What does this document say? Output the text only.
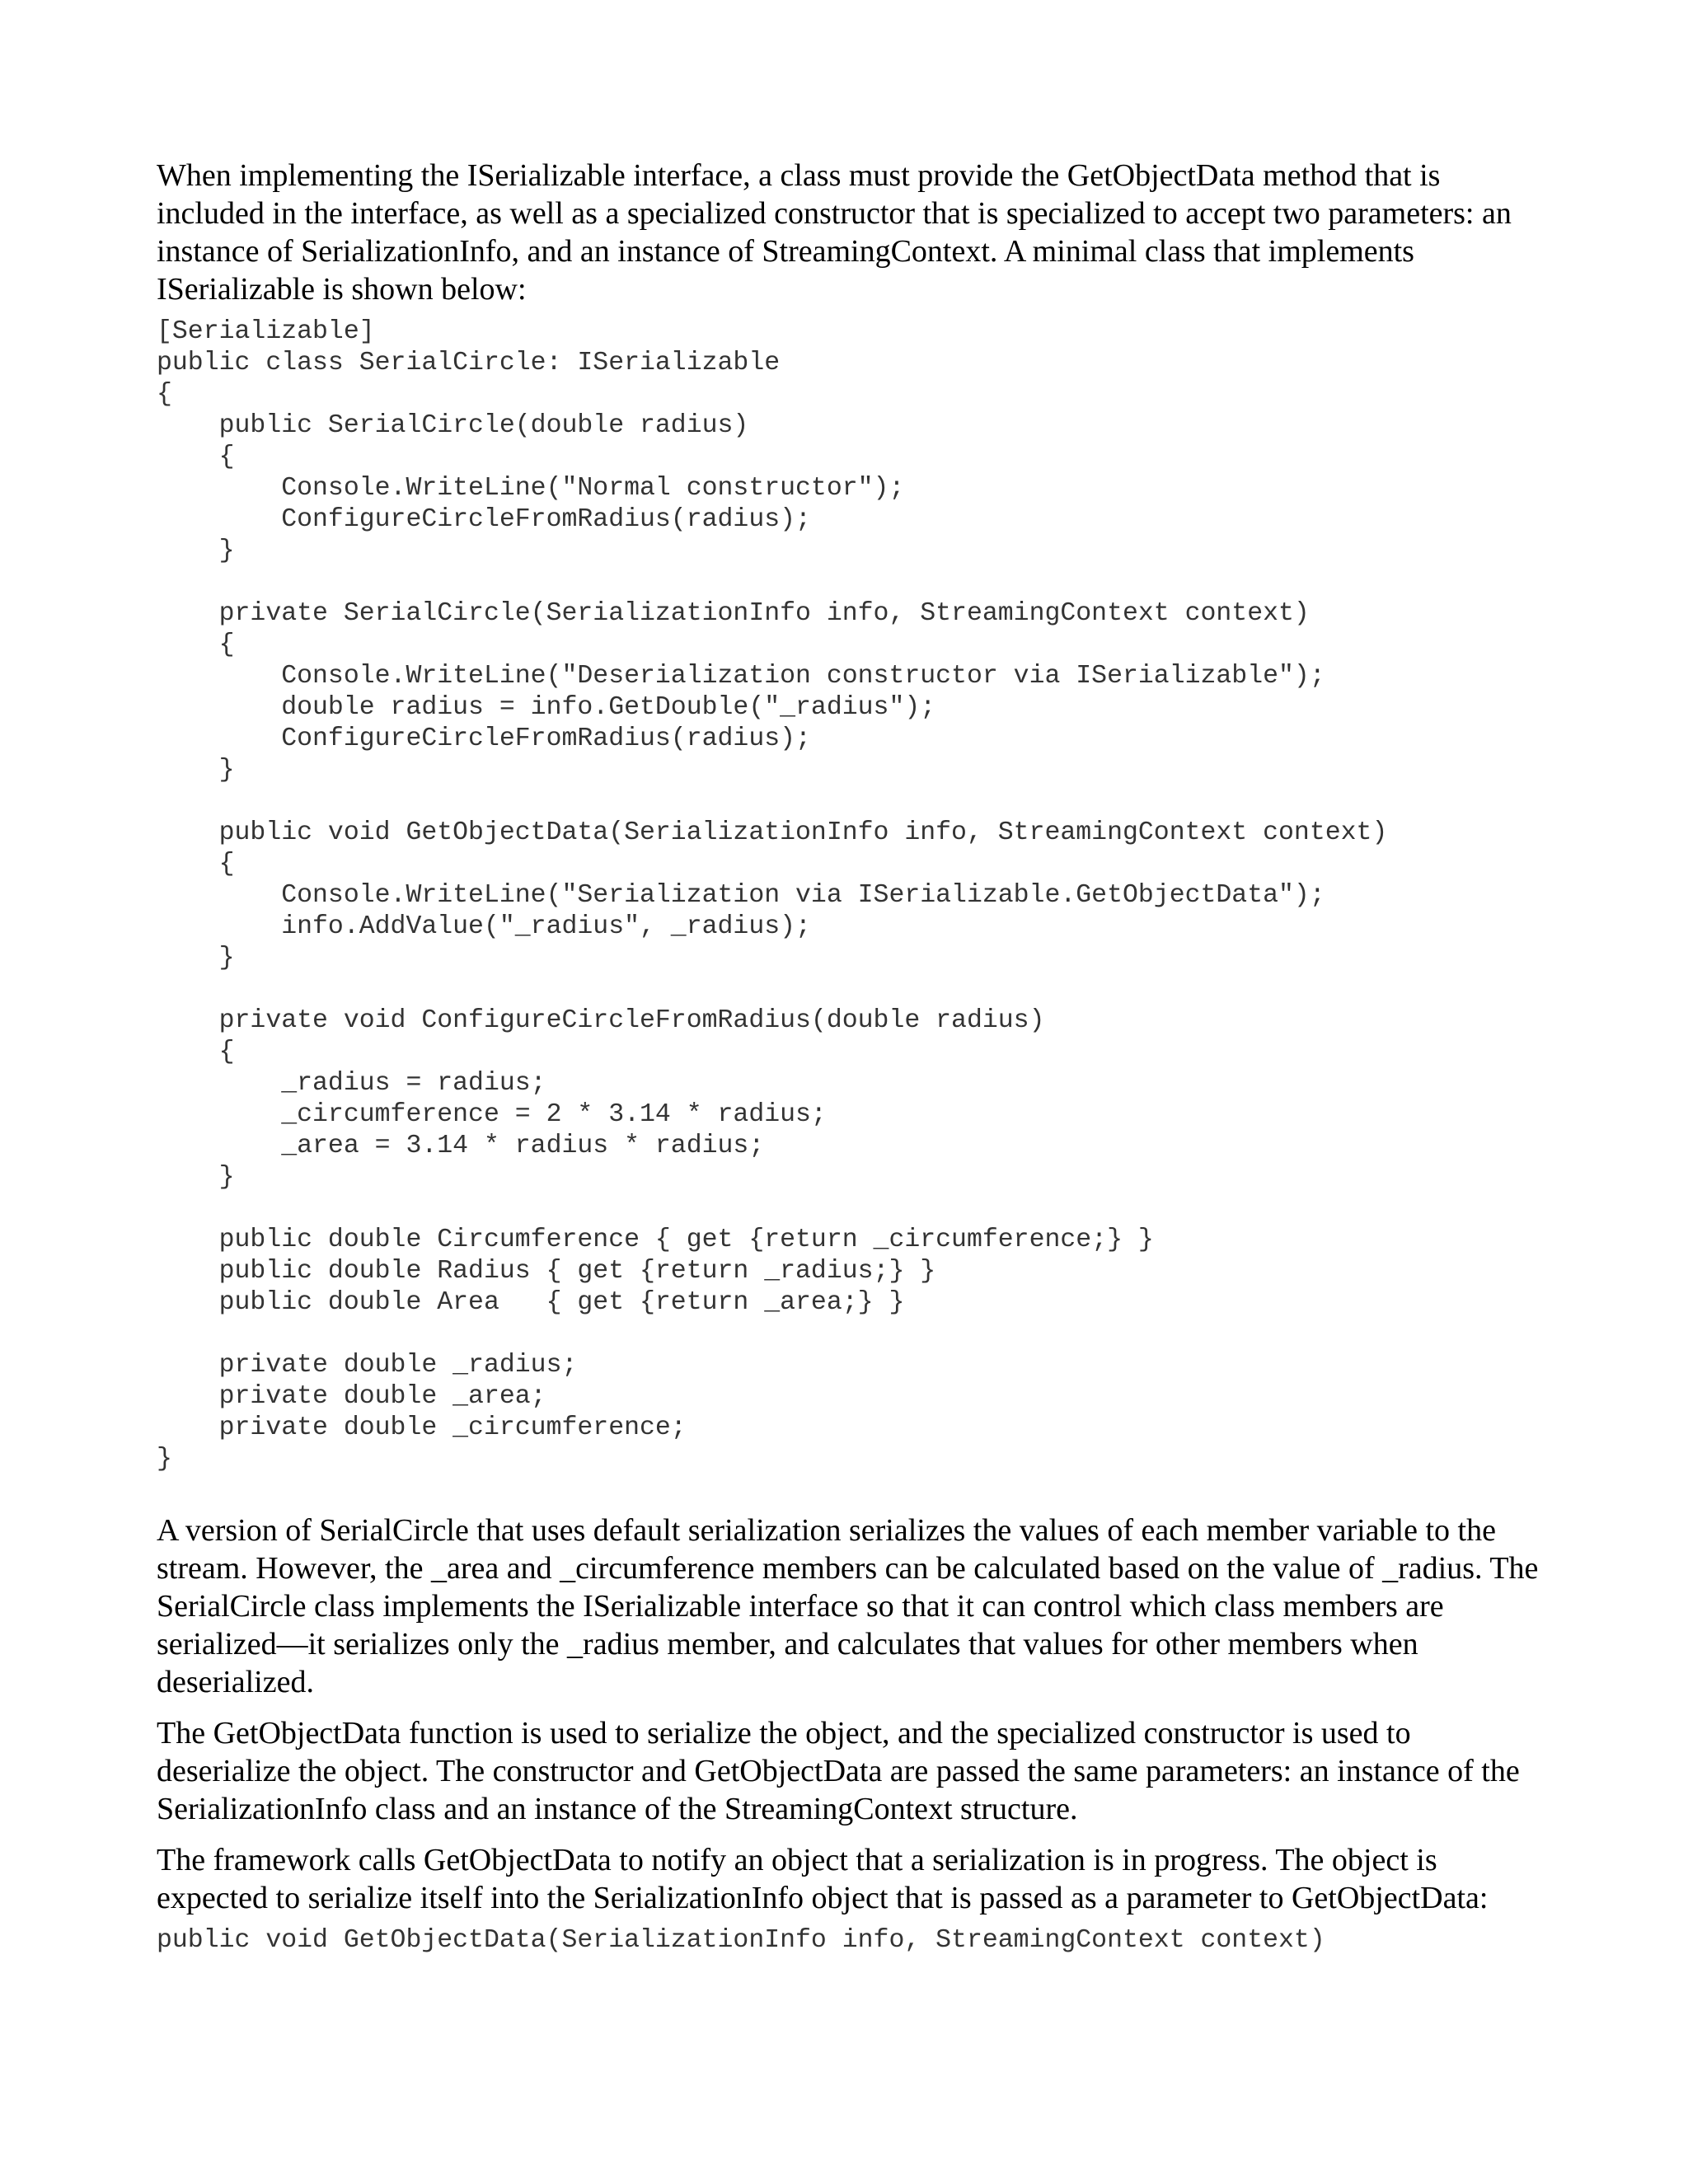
When implementing the ISerializable interface, a class must provide the GetObjectData method that is included in the interface, as well as a specialized constructor that is specialized to accept two parameters: an instance of SerializationInfo, and an instance of StreamingContext. A minimal class that implements ISerializable is shown below:

[Serializable]
public class SerialCircle: ISerializable
{
public SerialCircle(double radius)
{
Console.WriteLine("Normal constructor");
ConfigureCircleFromRadius(radius);
}

private SerialCircle(SerializationInfo info, StreamingContext context)
{
Console.WriteLine("Deserialization constructor via ISerializable");
double radius = info.GetDouble("_radius");
ConfigureCircleFromRadius(radius);
}

public void GetObjectData(SerializationInfo info, StreamingContext context)
{
Console.WriteLine("Serialization via ISerializable.GetObjectData");
info.AddValue("_radius", _radius);
}

private void ConfigureCircleFromRadius(double radius)
{
_radius = radius;
_circumference = 2 * 3.14 * radius;
_area = 3.14 * radius * radius;
}

public double Circumference { get {return _circumference;} }
public double Radius { get {return _radius;} }
public double Area   { get {return _area;} }

private double _radius;
private double _area;
private double _circumference;
}

A version of SerialCircle that uses default serialization serializes the values of each member variable to the stream. However, the _area and _circumference members can be calculated based on the value of _radius. The SerialCircle class implements the ISerializable interface so that it can control which class members are serialized—it serializes only the _radius member, and calculates that values for other members when deserialized.

The GetObjectData function is used to serialize the object, and the specialized constructor is used to deserialize the object. The constructor and GetObjectData are passed the same parameters: an instance of the SerializationInfo class and an instance of the StreamingContext structure.

The framework calls GetObjectData to notify an object that a serialization is in progress. The object is expected to serialize itself into the SerializationInfo object that is passed as a parameter to GetObjectData:

public void GetObjectData(SerializationInfo info, StreamingContext context)
